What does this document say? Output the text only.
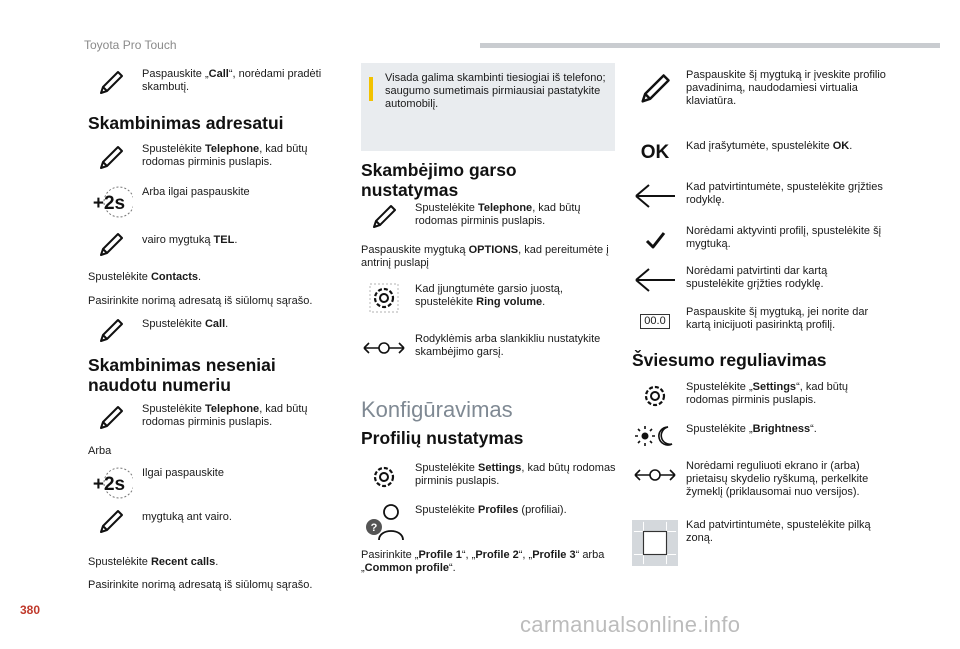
Toyota Pro Touch
Paspauskite „Call“, norėdami pradėti skambutį.
Skambinimas adresatui
Spustelėkite Telephone, kad būtų rodomas pirminis puslapis.
+2s
Arba ilgai paspauskite
vairo mygtuką TEL.
Spustelėkite Contacts.
Pasirinkite norimą adresatą iš siūlomų sąrašo.
Spustelėkite Call.
Skambinimas neseniai naudotu numeriu
Spustelėkite Telephone, kad būtų rodomas pirminis puslapis.
Arba
+2s
Ilgai paspauskite
mygtuką ant vairo.
Spustelėkite Recent calls.
Pasirinkite norimą adresatą iš siūlomų sąrašo.
Visada galima skambinti tiesiogiai iš telefono; saugumo sumetimais pirmiausiai pastatykite automobilį.
Skambėjimo garso nustatymas
Spustelėkite Telephone, kad būtų rodomas pirminis puslapis.
Paspauskite mygtuką OPTIONS, kad pereitumėte į antrinį puslapį
Kad įjungtumėte garsio juostą, spustelėkite Ring volume.
Rodyklėmis arba slankikliu nustatykite skambėjimo garsį.
Konfigūravimas
Profilių nustatymas
Spustelėkite Settings, kad būtų rodomas pirminis puslapis.
?
Spustelėkite Profiles (profiliai).
Pasirinkite „Profile 1“, „Profile 2“, „Profile 3“ arba „Common profile“.
Paspauskite šį mygtuką ir įveskite profilio pavadinimą, naudodamiesi virtualia klaviatūra.
OK Kad įrašytumėte, spustelėkite OK.
Kad patvirtintumėte, spustelėkite grįžties rodyklę.
Norėdami aktyvinti profilį, spustelėkite šį mygtuką.
Norėdami patvirtinti dar kartą spustelėkite grįžties rodyklę.
00.0
Paspauskite šį mygtuką, jei norite dar kartą inicijuoti pasirinktą profilį.
Šviesumo reguliavimas
Spustelėkite „Settings“, kad būtų rodomas pirminis puslapis.
Spustelėkite „Brightness“.
Norėdami reguliuoti ekrano ir (arba) prietaisų skydelio ryškumą, perkelkite žymeklį (priklausomai nuo versijos).
Kad patvirtintumėte, spustelėkite pilką zoną.
380
carmanualsonline.info
